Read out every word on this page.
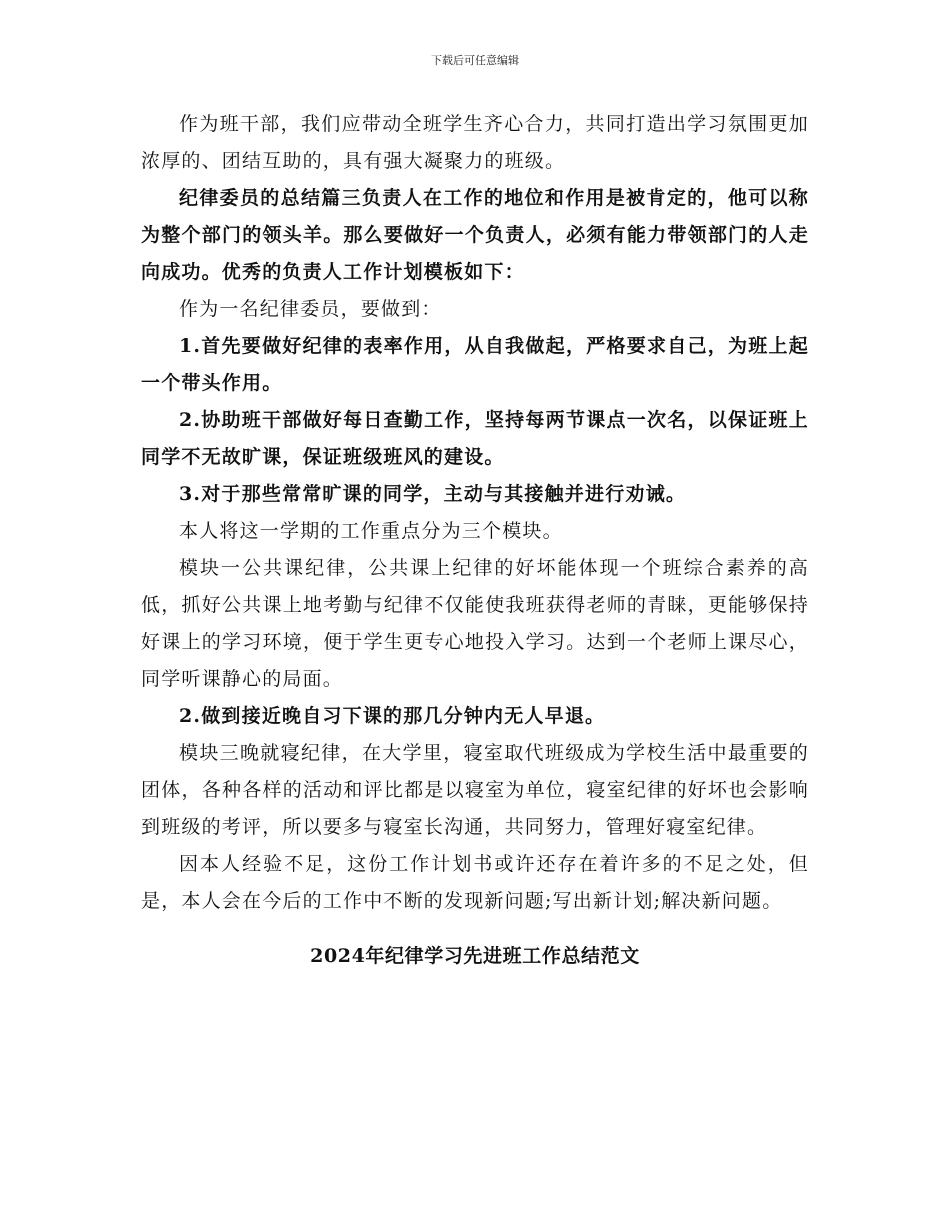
下载后可任意编辑

作为班干部，我们应带动全班学生齐心合力，共同打造出学习氛围更加浓厚的、团结互助的，具有强大凝聚力的班级。

纪律委员的总结篇三负责人在工作的地位和作用是被肯定的，他可以称为整个部门的领头羊。那么要做好一个负责人，必须有能力带领部门的人走向成功。优秀的负责人工作计划模板如下：

作为一名纪律委员，要做到：

1.首先要做好纪律的表率作用，从自我做起，严格要求自己，为班上起一个带头作用。

2.协助班干部做好每日查勤工作，坚持每两节课点一次名，以保证班上同学不无故旷课，保证班级班风的建设。

3.对于那些常常旷课的同学，主动与其接触并进行劝诫。

本人将这一学期的工作重点分为三个模块。

模块一公共课纪律，公共课上纪律的好坏能体现一个班综合素养的高低，抓好公共课上地考勤与纪律不仅能使我班获得老师的青睐，更能够保持好课上的学习环境，便于学生更专心地投入学习。达到一个老师上课尽心，同学听课静心的局面。

2.做到接近晚自习下课的那几分钟内无人早退。

模块三晚就寝纪律，在大学里，寝室取代班级成为学校生活中最重要的团体，各种各样的活动和评比都是以寝室为单位，寝室纪律的好坏也会影响到班级的考评，所以要多与寝室长沟通，共同努力，管理好寝室纪律。

因本人经验不足，这份工作计划书或许还存在着许多的不足之处，但是，本人会在今后的工作中不断的发现新问题;写出新计划;解决新问题。

2024年纪律学习先进班工作总结范文
